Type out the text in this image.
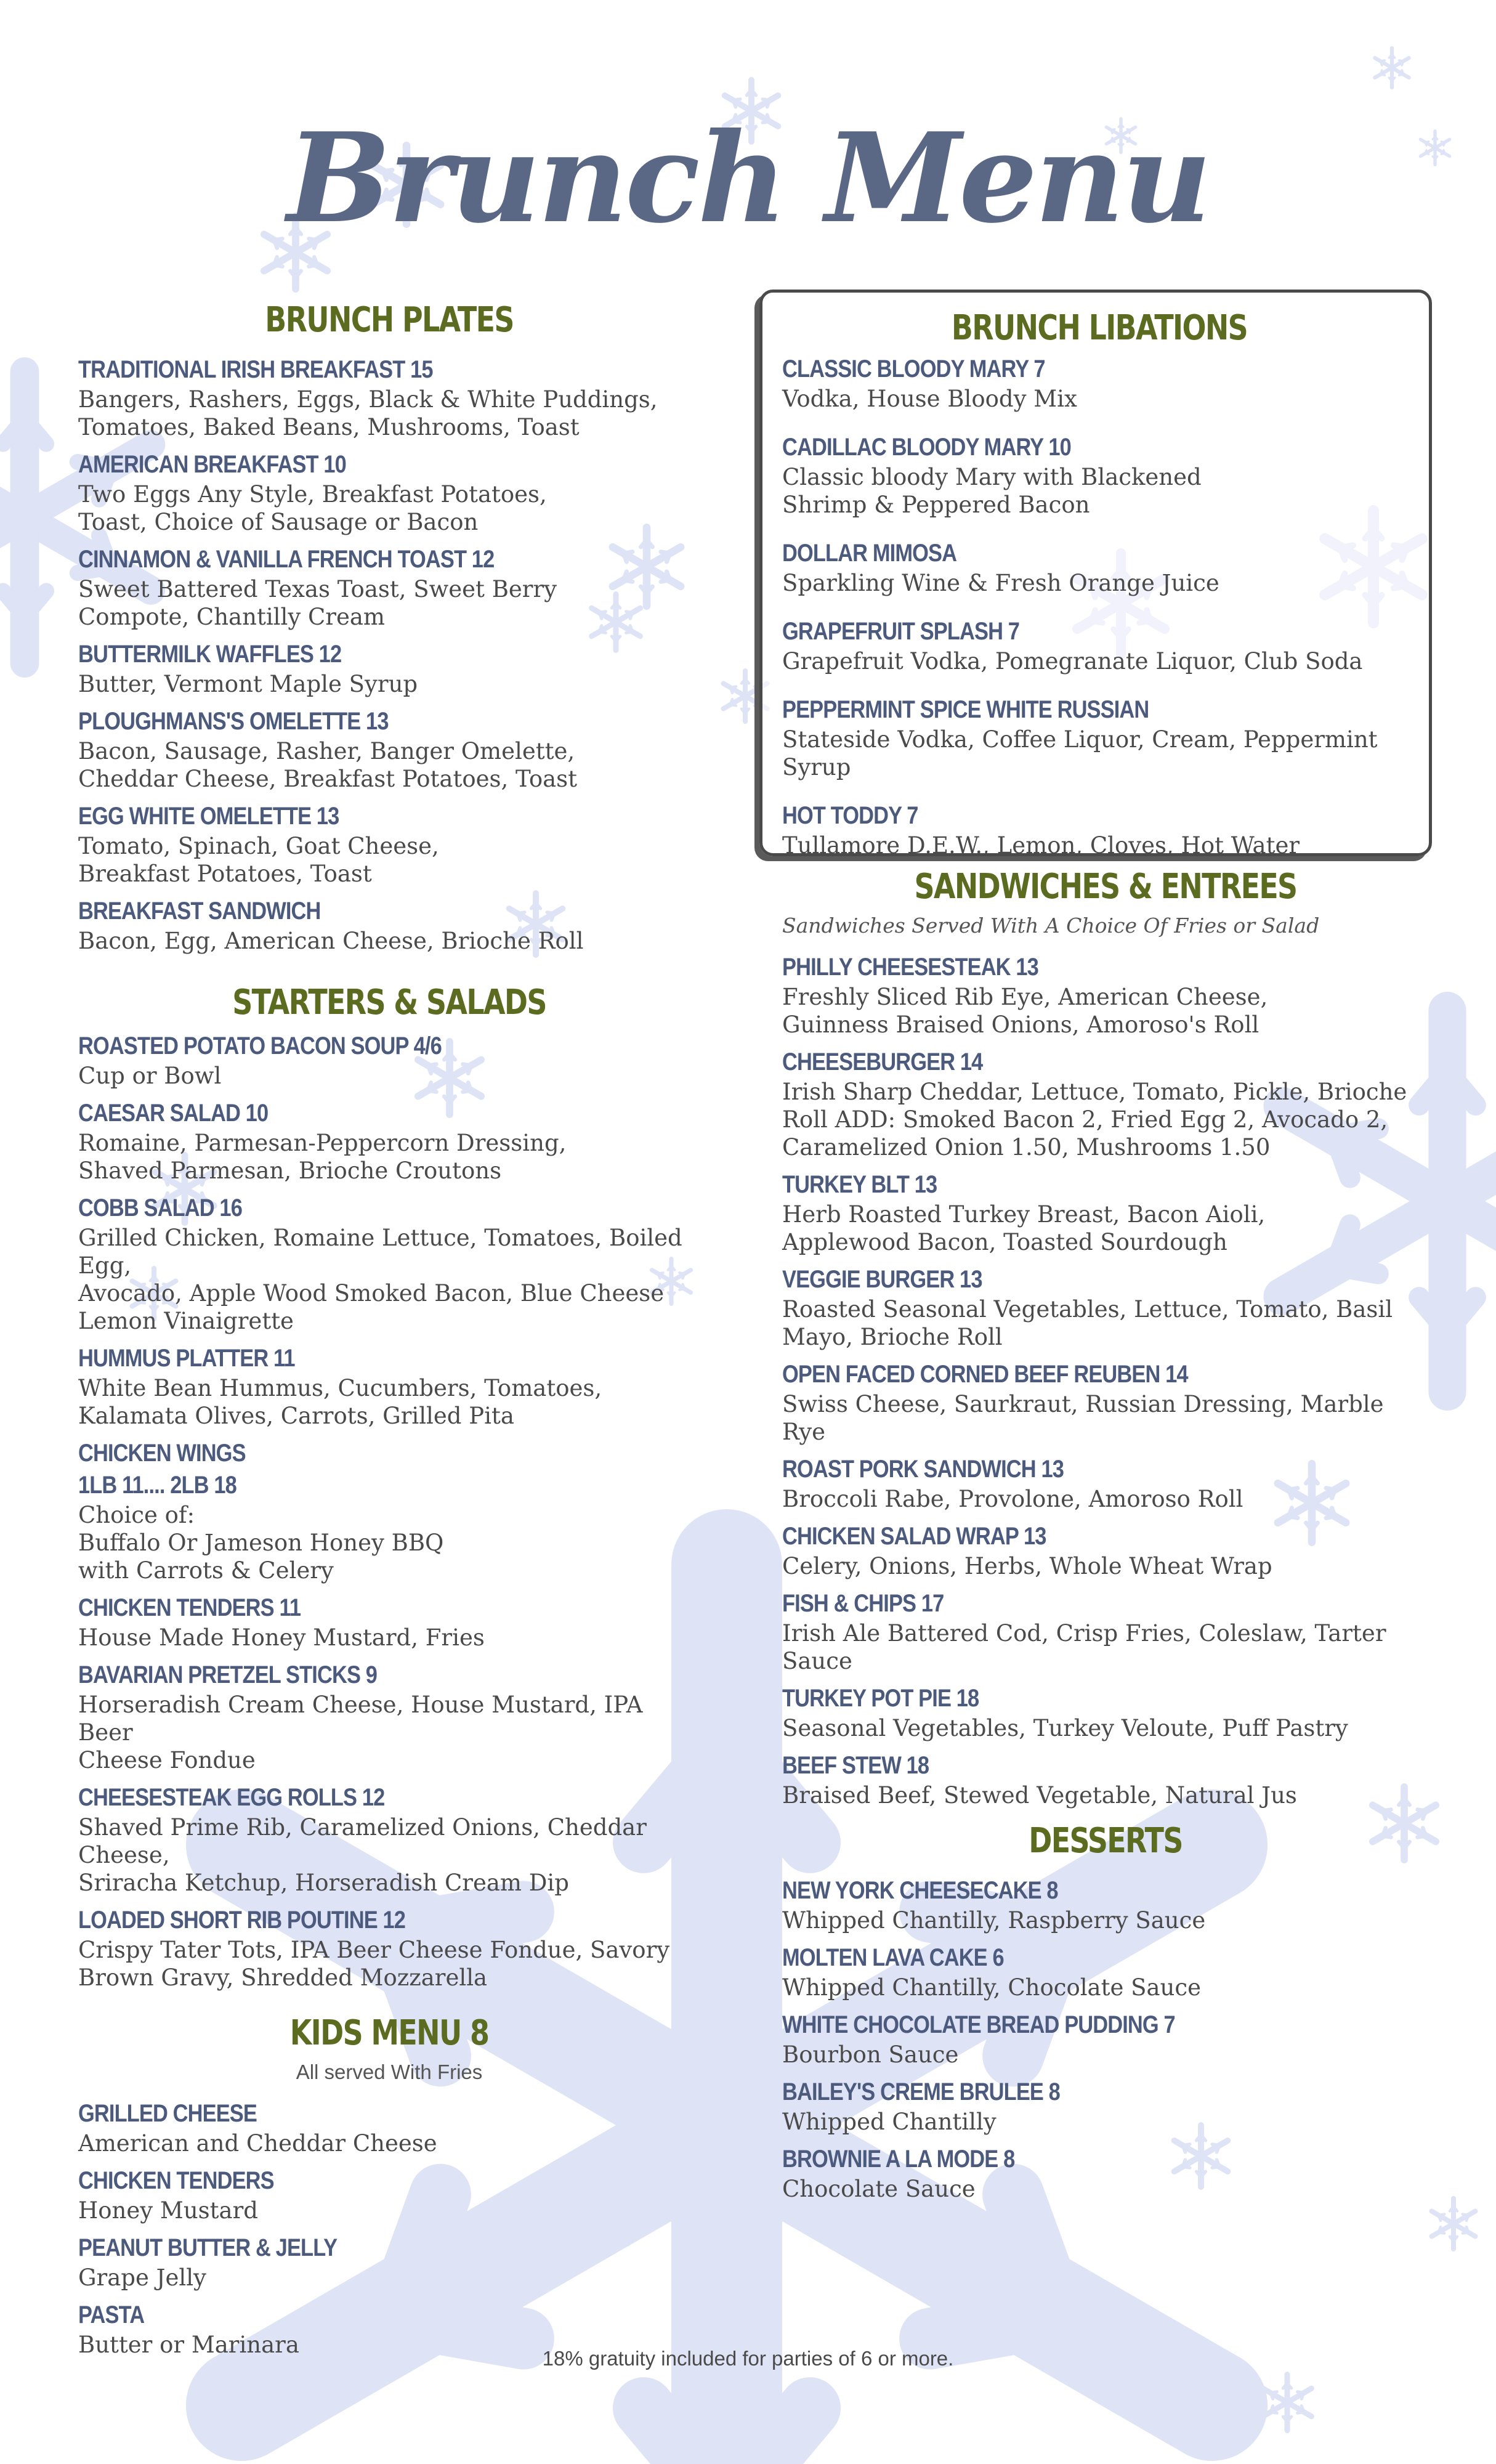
Brunch Menu
BRUNCH PLATES
TRADITIONAL IRISH BREAKFAST 15
Bangers, Rashers, Eggs, Black & White Puddings,
Tomatoes, Baked Beans, Mushrooms, Toast
AMERICAN BREAKFAST 10
Two Eggs Any Style, Breakfast Potatoes,
Toast, Choice of Sausage or Bacon
CINNAMON & VANILLA FRENCH TOAST 12
Sweet Battered Texas Toast, Sweet Berry
Compote, Chantilly Cream
BUTTERMILK WAFFLES 12
Butter, Vermont Maple Syrup
PLOUGHMANS'S OMELETTE 13
Bacon, Sausage, Rasher, Banger Omelette,
Cheddar Cheese, Breakfast Potatoes, Toast
EGG WHITE OMELETTE 13
Tomato, Spinach, Goat Cheese,
Breakfast Potatoes, Toast
BREAKFAST SANDWICH
Bacon, Egg, American Cheese, Brioche Roll
STARTERS & SALADS
ROASTED POTATO BACON SOUP 4/6
Cup or Bowl
CAESAR SALAD 10
Romaine, Parmesan-Peppercorn Dressing,
Shaved Parmesan, Brioche Croutons
COBB SALAD 16
Grilled Chicken, Romaine Lettuce, Tomatoes, Boiled Egg,
Avocado, Apple Wood Smoked Bacon, Blue Cheese
Lemon Vinaigrette
HUMMUS PLATTER 11
White Bean Hummus, Cucumbers, Tomatoes,
Kalamata Olives, Carrots, Grilled Pita
CHICKEN WINGS
1LB 11.... 2LB 18
Choice of:
Buffalo Or Jameson Honey BBQ
with Carrots & Celery
CHICKEN TENDERS 11
House Made Honey Mustard, Fries
BAVARIAN PRETZEL STICKS 9
Horseradish Cream Cheese, House Mustard, IPA Beer
Cheese Fondue
CHEESESTEAK EGG ROLLS 12
Shaved Prime Rib, Caramelized Onions, Cheddar Cheese,
Sriracha Ketchup, Horseradish Cream Dip
LOADED SHORT RIB POUTINE 12
Crispy Tater Tots, IPA Beer Cheese Fondue, Savory
Brown Gravy, Shredded Mozzarella
KIDS MENU 8
All served With Fries
GRILLED CHEESE
American and Cheddar Cheese
CHICKEN TENDERS
Honey Mustard
PEANUT BUTTER & JELLY
Grape Jelly
PASTA
Butter or Marinara
BRUNCH LIBATIONS
CLASSIC BLOODY MARY 7
Vodka, House Bloody Mix
CADILLAC BLOODY MARY 10
Classic bloody Mary with Blackened
Shrimp & Peppered Bacon
DOLLAR MIMOSA
Sparkling Wine & Fresh Orange Juice
GRAPEFRUIT SPLASH 7
Grapefruit Vodka, Pomegranate Liquor, Club Soda
PEPPERMINT SPICE WHITE RUSSIAN
Stateside Vodka, Coffee Liquor, Cream, Peppermint Syrup
HOT TODDY 7
Tullamore D.E.W., Lemon, Cloves, Hot Water
SANDWICHES & ENTREES
Sandwiches Served With A Choice Of Fries or Salad
PHILLY CHEESESTEAK 13
Freshly Sliced Rib Eye, American Cheese,
Guinness Braised Onions, Amoroso's Roll
CHEESEBURGER 14
Irish Sharp Cheddar, Lettuce, Tomato, Pickle, Brioche
Roll ADD: Smoked Bacon 2, Fried Egg 2, Avocado 2,
Caramelized Onion 1.50, Mushrooms 1.50
TURKEY BLT 13
Herb Roasted Turkey Breast, Bacon Aioli,
Applewood Bacon, Toasted Sourdough
VEGGIE BURGER 13
Roasted Seasonal Vegetables, Lettuce, Tomato, Basil
Mayo, Brioche Roll
OPEN FACED CORNED BEEF REUBEN 14
Swiss Cheese, Saurkraut, Russian Dressing, Marble Rye
ROAST PORK SANDWICH 13
Broccoli Rabe, Provolone, Amoroso Roll
CHICKEN SALAD WRAP 13
Celery, Onions, Herbs, Whole Wheat Wrap
FISH & CHIPS 17
Irish Ale Battered Cod, Crisp Fries, Coleslaw, Tarter
Sauce
TURKEY POT PIE 18
Seasonal Vegetables, Turkey Veloute, Puff Pastry
BEEF STEW 18
Braised Beef, Stewed Vegetable, Natural Jus
DESSERTS
NEW YORK CHEESECAKE 8
Whipped Chantilly, Raspberry Sauce
MOLTEN LAVA CAKE 6
Whipped Chantilly, Chocolate Sauce
WHITE CHOCOLATE BREAD PUDDING 7
Bourbon Sauce
BAILEY'S CREME BRULEE 8
Whipped Chantilly
BROWNIE A LA MODE 8
Chocolate Sauce
18% gratuity included for parties of 6 or more.
